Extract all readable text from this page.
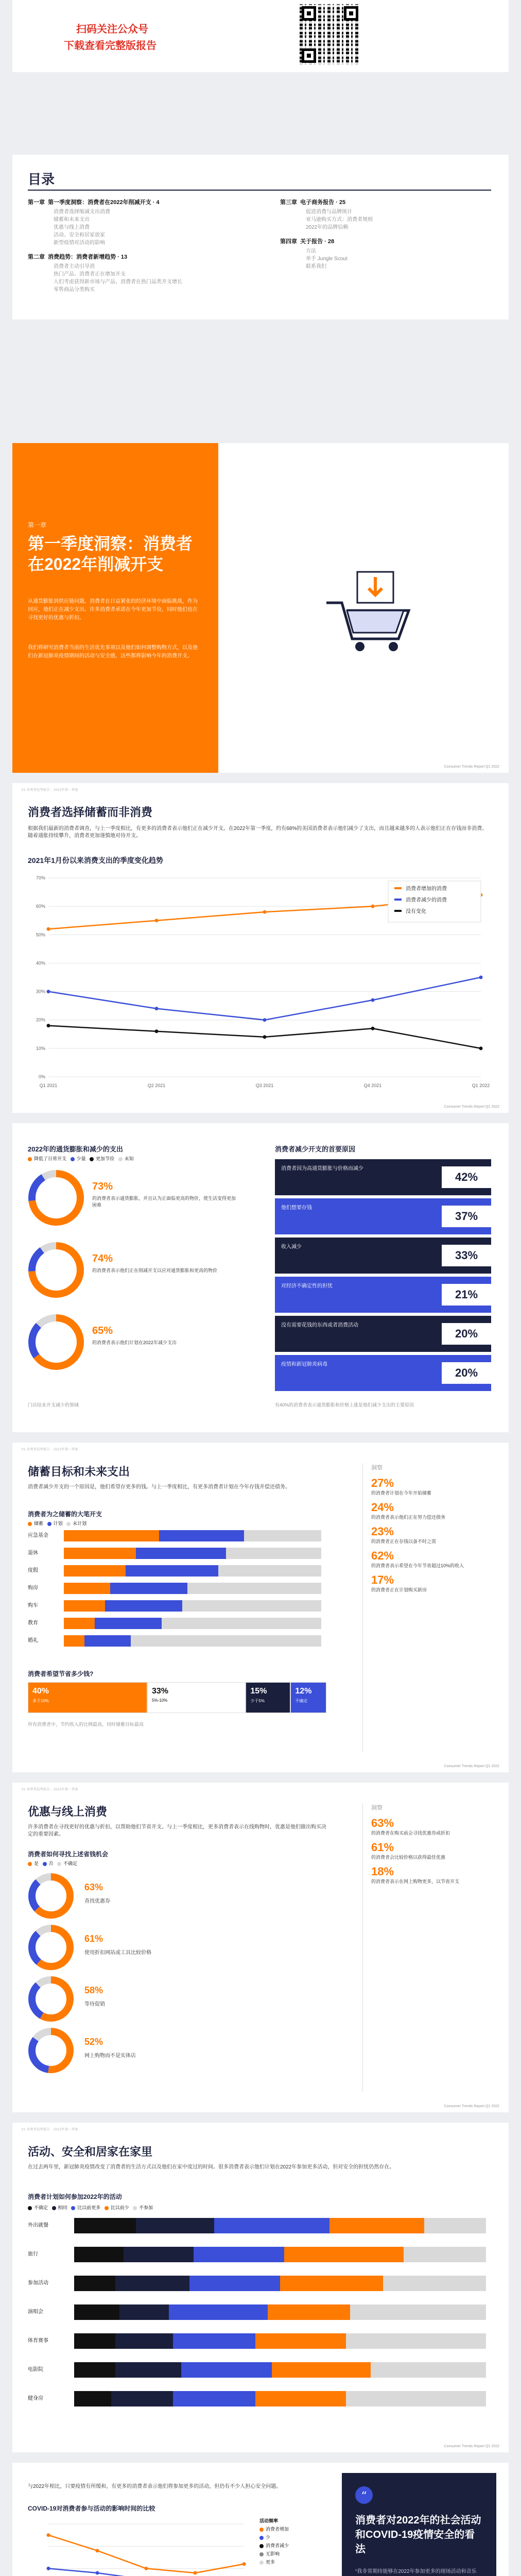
扫码关注公众号
下载查看完整版报告
目录
第一章 第一季度洞察：消费者在2022年削减开支 · 4
消费者选择缩减支出消费
储蓄和未来支出
优惠与线上消费
活动、安全和居家放家
新型疫情对活动的影响
第二章 消费趋势：消费者新增趋势 · 13
消费者主动引导消
热门产品、消费者正在增加开支
人们考虑获得新市场与产品、消费者在热门品类开支增长
零售商品分类购买
第三章 电子商务报告 · 25
促进消费与品牌统计
亚马逊购买方式：消费者规则
2022年的品牌信赖
第四章 关于报告 · 28
方法
单手 Jungle Scout
联系我们
第一章
第一季度洞察：消费者在2022年削减开支
从通货膨胀到供应链问题，消费者在日益紧张的经济环境中面临挑战，作为回应，他们正在减少支出。许多消费者承诺在今年更加节俭，同时他们也在寻找更好的优惠与折扣。
我们将研究消费者当前的生活优先事项以及他们如何调整购物方式，以及他们在新冠肺炎疫情期间的活动与安全感，这些都将影响今年的消费开支。
Consumer Trends Report Q1 2022
01 消费者趋势报告 · 2022年第一季度
消费者选择储蓄而非消费
根据我们最新的消费者调查，与上一季度相比，有更多的消费者表示他们正在减少开支。在2022年第一季度，约有68%的美国消费者表示他们减少了支出，而且越来越多的人表示他们正在存钱而非消费。随着通胀持续攀升，消费者更加谨慎地对待开支。
2021年1月份以来消费支出的季度变化趋势
0%
10%
20%
30%
40%
50%
60%
70%
Q1 2021	Q2 2021	Q3 2021	Q4 2021	Q1 2022
消费者增加的消费
消费者减少的消费
没有变化
Consumer Trends Report Q1 2022
2022年的通货膨胀和减少的支出
降低了日常开支 少量 更加节俭 未知
73%
的消费者表示通货膨胀，并且认为正面临更高的物价，使生活变得更加困难
74%
的消费者表示他们正在削减开支以应对通货膨胀和更高的物价
65%
的消费者表示他们计划在2022年减少支出
门店结业开支减少的领域
消费者减少开支的首要原因
消费者因为高通货膨胀与价格而减少
42%
他们想要存钱
37%
收入减少
33%
对经济不确定性的担忧
21%
没有需要花钱的东西或者消费活动
20%
疫情和新冠肺炎病毒
20%
有40%的消费者表示通货膨胀和价格上涨是他们减少支出的主要原因
01 消费者趋势报告 · 2022年第一季度
储蓄目标和未来支出
消费者减少开支的一个原因是，他们希望存更多的钱。与上一季度相比，有更多消费者计划在今年存钱并偿还债务。
消费者为之储蓄的大笔开支
储蓄 计划 未计划
应急基金
退休
度假
购房
购车
教育
婚礼
消费者希望节省多少钱?
40%
多于10%
33%
5%-10%
15%
少于5%
12%
不确定
所有消费者中，节约收入的比例最高，同时储蓄目标最高
洞察
27%
的消费者计划在今年开始储蓄
24%
的消费者表示他们正在努力偿还债务
23%
的消费者正在存钱以备不时之需
62%
的消费者表示希望在今年节省超过10%的收入
17%
的消费者正在计划购买新房
Consumer Trends Report Q1 2022
01 消费者趋势报告 · 2022年第一季度
优惠与线上消费
许多消费者在寻找更好的优惠与折扣，以帮助他们节省开支。与上一季度相比，更多消费者表示在线购物时，优惠是他们做出购买决定的重要因素。
消费者如何寻找上述省钱机会
是 否 不确定
63%
查找优惠券
61%
使用折扣网站或工具比较价格
58%
等待促销
52%
网上购物而不是实体店
洞察
63%
的消费者在购买前会寻找优惠券或折扣
61%
的消费者会比较价格以获得最佳优惠
18%
的消费者表示在网上购物更多，以节省开支
Consumer Trends Report Q1 2022
01 消费者趋势报告 · 2022年第一季度
活动、安全和居家在家里
在过去两年里，新冠肺炎疫情改变了消费者的生活方式以及他们在家中度过的时间。很多消费者表示他们计划在2022年参加更多活动，但对安全的担忧仍然存在。
消费者计划如何参加2022年的活动
不确定 相同 比以前更多 比以前少 不参加
外出就餐
旅行
参加活动
演唱会
体育赛事
电影院
健身房
Consumer Trends Report Q1 2022
与2022年相比，只要疫情有所缓和，有更多的消费者表示他们将参加更多的活动，但仍有不少人担心安全问题。
COVID-19对消费者参与活动的影响时间的比较
活动频率
消费者增加
少
消费者减少
无影响
更多
“
消费者对2022年的社会活动和COVID-19疫情安全的看法
“我非常期待能够在2022年参加更多的现场活动和音乐
